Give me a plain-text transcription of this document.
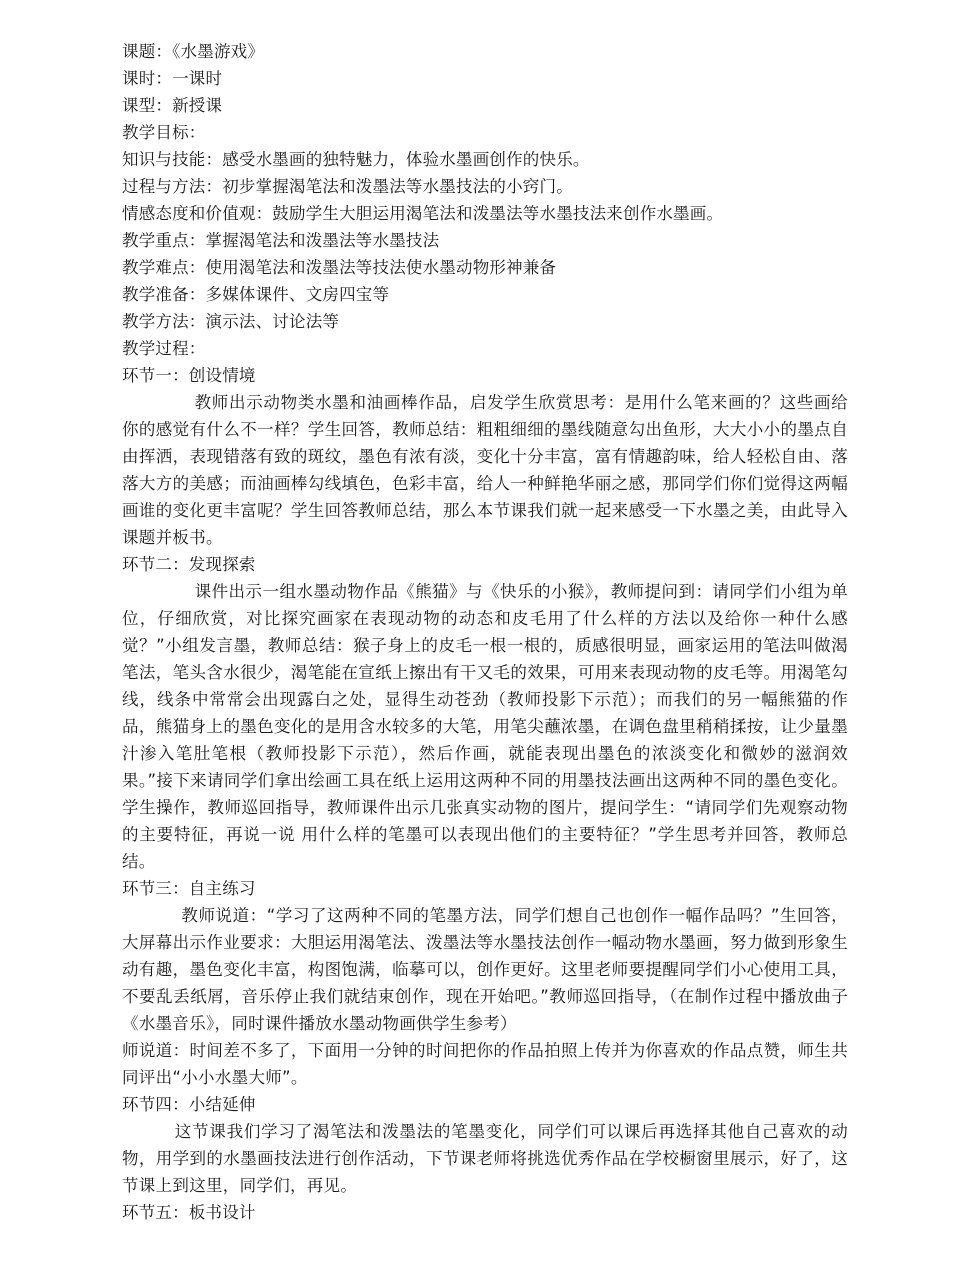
课题：《水墨游戏》
课时：一课时
课型：新授课
教学目标：
知识与技能：感受水墨画的独特魅力，体验水墨画创作的快乐。
过程与方法：初步掌握渴笔法和泼墨法等水墨技法的小窍门。
情感态度和价值观：鼓励学生大胆运用渴笔法和泼墨法等水墨技法来创作水墨画。
教学重点：掌握渴笔法和泼墨法等水墨技法
教学难点：使用渴笔法和泼墨法等技法使水墨动物形神兼备
教学准备：多媒体课件、文房四宝等
教学方法：演示法、讨论法等
教学过程：
环节一：创设情境
教师出示动物类水墨和油画棒作品，启发学生欣赏思考：是用什么笔来画的？这些画给你的感觉有什么不一样？学生回答，教师总结：粗粗细细的墨线随意勾出鱼形，大大小小的墨点自由挥洒，表现错落有致的斑纹，墨色有浓有淡，变化十分丰富，富有情趣韵味，给人轻松自由、落落大方的美感；而油画棒勾线填色，色彩丰富，给人一种鲜艳华丽之感，那同学们你们觉得这两幅画谁的变化更丰富呢？学生回答教师总结，那么本节课我们就一起来感受一下水墨之美，由此导入课题并板书。
环节二：发现探索
课件出示一组水墨动物作品《熊猫》与《快乐的小猴》，教师提问到：请同学们小组为单位，仔细欣赏，对比探究画家在表现动物的动态和皮毛用了什么样的方法以及给你一种什么感觉？”小组发言墨，教师总结：猴子身上的皮毛一根一根的，质感很明显，画家运用的笔法叫做渴笔法，笔头含水很少，渴笔能在宣纸上擦出有干又毛的效果，可用来表现动物的皮毛等。用渴笔勾线，线条中常常会出现露白之处，显得生动苍劲（教师投影下示范）；而我们的另一幅熊猫的作品，熊猫身上的墨色变化的是用含水较多的大笔，用笔尖蘸浓墨，在调色盘里稍稍揉按，让少量墨汁渗入笔肚笔根（教师投影下示范），然后作画，就能表现出墨色的浓淡变化和微妙的滋润效果。”接下来请同学们拿出绘画工具在纸上运用这两种不同的用墨技法画出这两种不同的墨色变化。学生操作，教师巡回指导，教师课件出示几张真实动物的图片，提问学生：“请同学们先观察动物的主要特征，再说一说 用什么样的笔墨可以表现出他们的主要特征？”学生思考并回答，教师总结。
环节三：自主练习
教师说道：“学习了这两种不同的笔墨方法，同学们想自己也创作一幅作品吗？”生回答，大屏幕出示作业要求：大胆运用渴笔法、泼墨法等水墨技法创作一幅动物水墨画，努力做到形象生动有趣，墨色变化丰富，构图饱满，临摹可以，创作更好。这里老师要提醒同学们小心使用工具，不要乱丢纸屑，音乐停止我们就结束创作，现在开始吧。”教师巡回指导，（在制作过程中播放曲子《水墨音乐》，同时课件播放水墨动物画供学生参考）
师说道：时间差不多了，下面用一分钟的时间把你的作品拍照上传并为你喜欢的作品点赞，师生共同评出“小小水墨大师”。
环节四：小结延伸
这节课我们学习了渴笔法和泼墨法的笔墨变化，同学们可以课后再选择其他自己喜欢的动物，用学到的水墨画技法进行创作活动，下节课老师将挑选优秀作品在学校橱窗里展示，好了，这节课上到这里，同学们，再见。
环节五：板书设计
